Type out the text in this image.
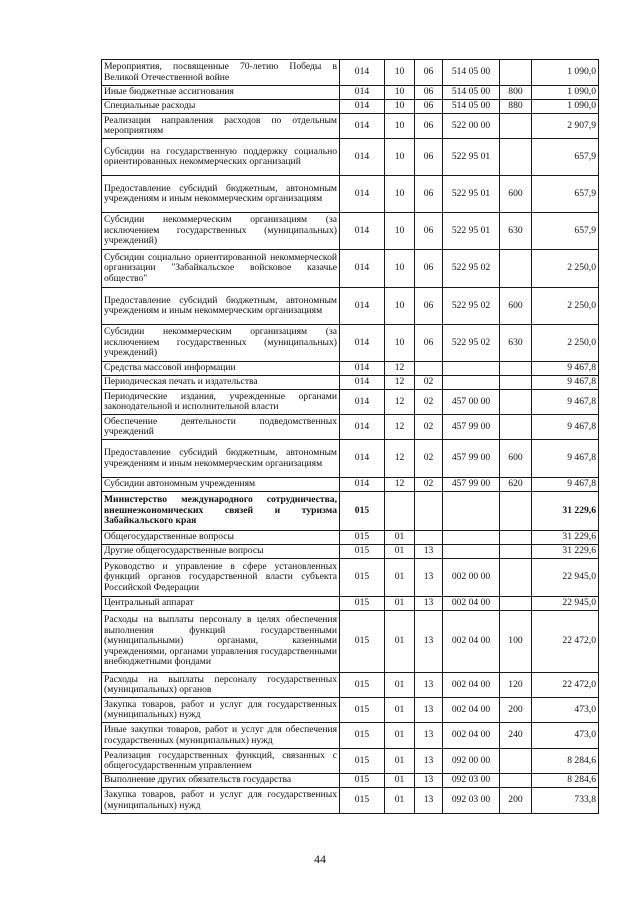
Мероприятия, посвященные 70-летию Победы в Великой Отечественной войне	014	10	06	514 05 00		1 090,0
Иные бюджетные ассигнования	014	10	06	514 05 00	800	1 090,0
Специальные расходы	014	10	06	514 05 00	880	1 090,0
Реализация направления расходов по отдельным мероприятиям	014	10	06	522 00 00		2 907,9
Субсидии на государственную поддержку социально ориентированных некоммерческих организаций	014	10	06	522 95 01		657,9
Предоставление субсидий бюджетным, автономным учреждениям и иным некоммерческим организациям	014	10	06	522 95 01	600	657,9
Субсидии некоммерческим организациям (за исключением государственных (муниципальных) учреждений)	014	10	06	522 95 01	630	657,9
Субсидии социально ориентированной некоммерческой организации "Забайкальское войсковое казачье общество"	014	10	06	522 95 02		2 250,0
Предоставление субсидий бюджетным, автономным учреждениям и иным некоммерческим организациям	014	10	06	522 95 02	600	2 250,0
Субсидии некоммерческим организациям (за исключением государственных (муниципальных) учреждений)	014	10	06	522 95 02	630	2 250,0
Средства массовой информации	014	12				9 467,8
Периодическая печать и издательства	014	12	02			9 467,8
Периодические издания, учрежденные органами законодательной и исполнительной власти	014	12	02	457 00 00		9 467,8
Обеспечение деятельности подведомственных учреждений	014	12	02	457 99 00		9 467,8
Предоставление субсидий бюджетным, автономным учреждениям и иным некоммерческим организациям	014	12	02	457 99 00	600	9 467,8
Субсидии автономным учреждениям	014	12	02	457 99 00	620	9 467,8
Министерство международного сотрудничества, внешнеэкономических связей и туризма Забайкальского края	015					31 229,6
Общегосударственные вопросы	015	01				31 229,6
Другие общегосударственные вопросы	015	01	13			31 229,6
Руководство и управление в сфере установленных функций органов государственной власти субъекта Российской Федерации	015	01	13	002 00 00		22 945,0
Центральный аппарат	015	01	13	002 04 00		22 945,0
Расходы на выплаты персоналу в целях обеспечения выполнения функций государственными (муниципальными) органами, казенными учреждениями, органами управления государственными внебюджетными фондами	015	01	13	002 04 00	100	22 472,0
Расходы на выплаты персоналу государственных (муниципальных) органов	015	01	13	002 04 00	120	22 472,0
Закупка товаров, работ и услуг для государственных (муниципальных) нужд	015	01	13	002 04 00	200	473,0
Иные закупки товаров, работ и услуг для обеспечения государственных (муниципальных) нужд	015	01	13	002 04 00	240	473,0
Реализация государственных функций, связанных с общегосударственным управлением	015	01	13	092 00 00		8 284,6
Выполнение других обязательств государства	015	01	13	092 03 00		8 284,6
Закупка товаров, работ и услуг для государственных (муниципальных) нужд	015	01	13	092 03 00	200	733,8
44
